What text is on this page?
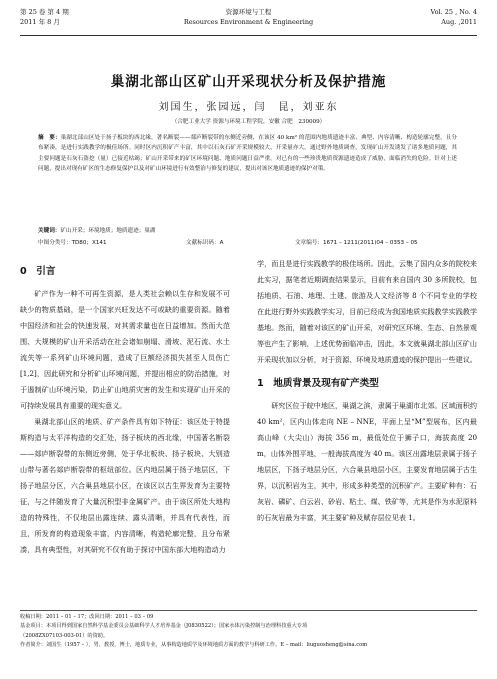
第 25 卷 第 4 期
2011 年 8 月
资源环境与工程
Resources Environment & Engineering
Vol. 25 , No. 4
Aug. ,2011
巢湖北部山区矿山开采现状分析及保护措施
刘国生，张园远，闫　昆，刘亚东
（合肥工业大学 资源与环境工程学院，安徽 合肥　230009）
摘　要：巢湖北部山区处于扬子板块的西北缘，著名断裂——郯庐断裂带的东侧近旁侧，在该区 40 km² 的范围内地质遗迹丰富、典型、内容清晰、构造轮廓完整，且分布紧凑，是进行实践教学的极佳场所。同时区内沉积矿产丰富，其中以石灰石矿开采规模较大、开采量亦大。通过野外地质调查，发现矿山开发诱发了诸多地质问题，其主要问题是石灰石盗挖（量）已接近枯竭；矿山开采带来的矿区环境问题、地质问题日益严重，对已有的一些珍贵地质资源遗迹造成了威胁，面临消失的危险。针对上述问题，提出对现有矿区的生态修复保护以及对矿山环境进行有效整治与修复的建议，提出对该区地质遗迹的保护对策。
关键词：矿山开采；环境地质；地质遗迹；巢湖
中图分类号：TD80；X141	文献标识码：A	文章编号：1671 – 1211(2011)04 – 0353 – 05
0　引言

矿产作为一种不可再生资源，是人类社会赖以生存和发展不可缺少的物质基础，是一个国家兴旺发达不可或缺的重要资源。随着中国经济和社会的快速发展，对其需求量也在日益增加。然而大范围、大规模的矿山开采活动在社会诸如崩塌、滑坡、泥石流、水土流失等一系列矿山环境问题，造成了巨额经济损失甚至人员伤亡[1,2]，因此研究和分析矿山环境问题，并提出相应的防治措施，对于遏制矿山环境污染，防止矿山地质灾害的发生和实现矿山开采的可持续发展具有重要的现实意义。

巢湖北部山区的地质、矿产条件具有如下特征：该区处于特提斯构造与太平洋构造的交汇处，扬子板块的西北缘，中国著名断裂——郯庐断裂带的东侧近旁侧，处于华北板块、扬子板块、大别造山带与著名郯庐断裂带的枢纽部位。区内地层属于扬子地层区，下扬子地层分区，六合巢县地层小区，在该区以古生界发育为主要特征，与之伴随发育了大量沉积型非金属矿产。由于该区所处大地构造的特殊性，不仅地层出露连续、露头清晰，并具有代表性，而且，所发育的构造现象丰富，内容清晰，构造轮廓完整，且分布紧凑，具有典型性，对其研究不仅有助于探讨中国东部大地构造动力

学，而且是进行实践教学的极佳场所。因此，云集了国内众多的院校来此实习，据笔者近期调查结果显示，目前有来自国内 30 多所院校，包括地质、石油、地理、土建、旅游及人文经济等 8 个不同专业的学校在此进行野外实践教学实习，目前已经成为我国地质实践教学实践教学基地。然而，随着对该区的矿山开采，对研究区环境、生态、自然景观等也产生了影响，上述优势面临冲击，因此，本文就巢湖北部山区矿山开采现状加以分析，对于资源、环境及地质遗迹的保护提出一些建议。

1　地质背景及现有矿产类型

研究区位于皖中地区，巢湖之滨，隶属于巢湖市北郊。区域面积约 40 km²，区内山体走向 NE – NNE，平面上呈“M”型展布，区内最高山峰（大尖山）海拔 356 m，最低处位于狮子口，海拔高度 20 m，山体外围平地，一般海拔高度为 40 m。该区出露地层隶属于扬子地层区，下扬子地层分区，六合巢县地层小区，主要发育地层属于古生界，以沉积岩为主，其中，形成多种类型的沉积矿产。主要矿种有：石灰岩、磷矿、白云岩、砂岩、粘土、煤、铁矿等，尤其是作为水泥原料的石灰岩最为丰富，其主要矿种及赋存层位见表 1。

收稿日期：2011 – 01 – 17；改回日期：2011 – 03 – 09

基金项目：本项目得到国家自然科学基金委员会基础科学人才培养基金（J0830522）；国家水体污染控制与治理科技重大专项

（2008ZX07103-003-01）的资助。

作者简介：刘国生（1957 – ），男，教授，博士，地质专业，从事构造地质学及环境地质方面的教学与科研工作。E – mail：liuguosheng@sina.com
